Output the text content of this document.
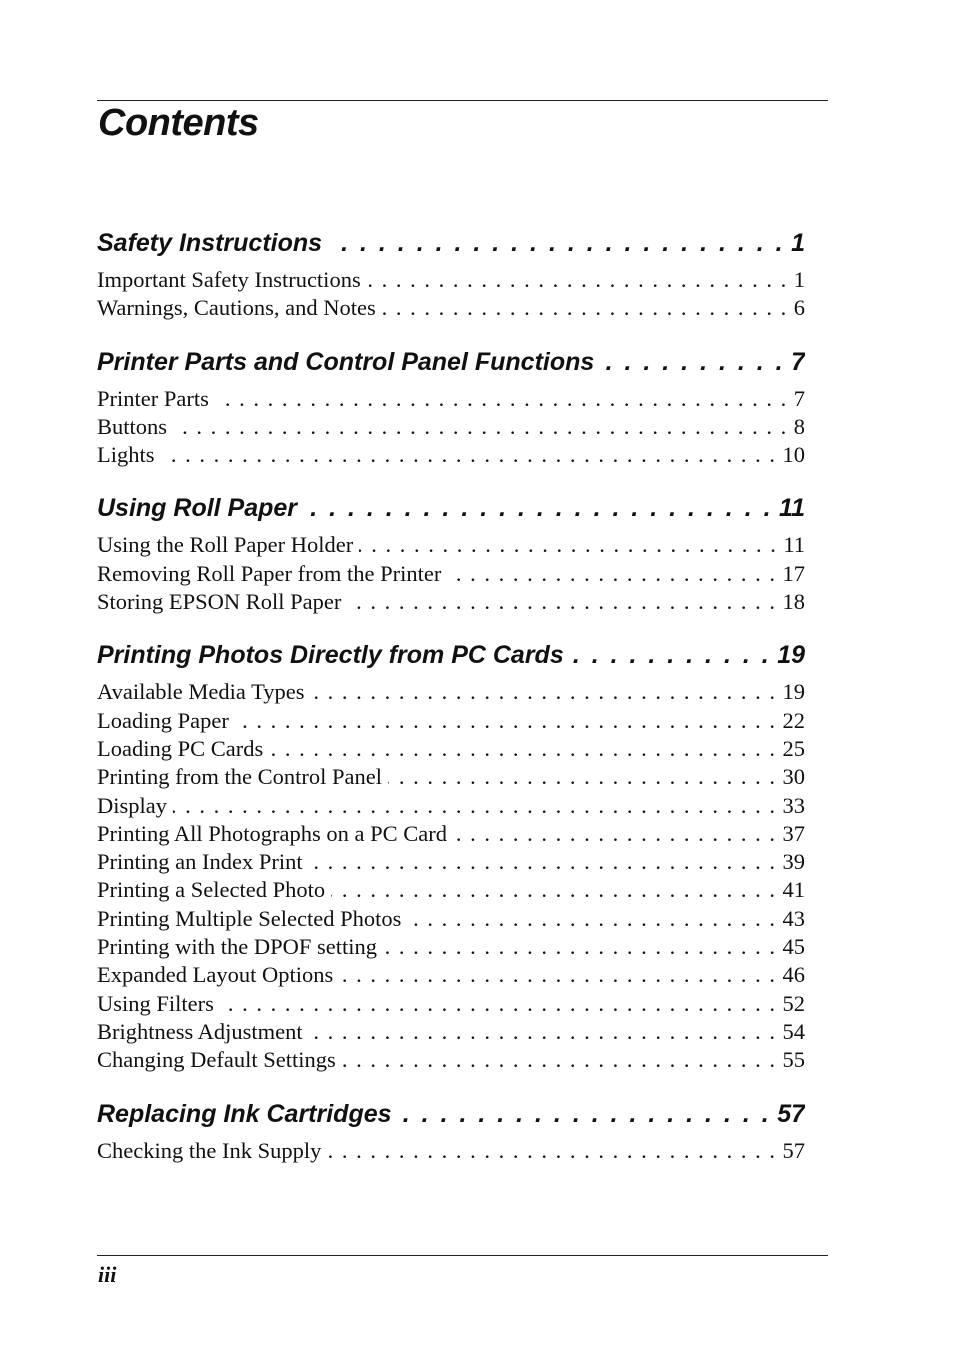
Contents
Safety Instructions . . .	1
Important Safety Instructions . . .	1
Warnings, Cautions, and Notes . . .	6
Printer Parts and Control Panel Functions . . .	7
Printer Parts . . .	7
Buttons . . .	8
Lights . . .	10
Using Roll Paper . . .	11
Using the Roll Paper Holder . . .	11
Removing Roll Paper from the Printer . . .	17
Storing EPSON Roll Paper . . .	18
Printing Photos Directly from PC Cards . . .	19
Available Media Types . . .	19
Loading Paper . . .	22
Loading PC Cards . . .	25
Printing from the Control Panel . . .	30
Display . . .	33
Printing All Photographs on a PC Card . . .	37
Printing an Index Print . . .	39
Printing a Selected Photo . . .	41
Printing Multiple Selected Photos . . .	43
Printing with the DPOF setting . . .	45
Expanded Layout Options . . .	46
Using Filters . . .	52
Brightness Adjustment . . .	54
Changing Default Settings . . .	55
Replacing Ink Cartridges . . .	57
Checking the Ink Supply . . .	57
iii
